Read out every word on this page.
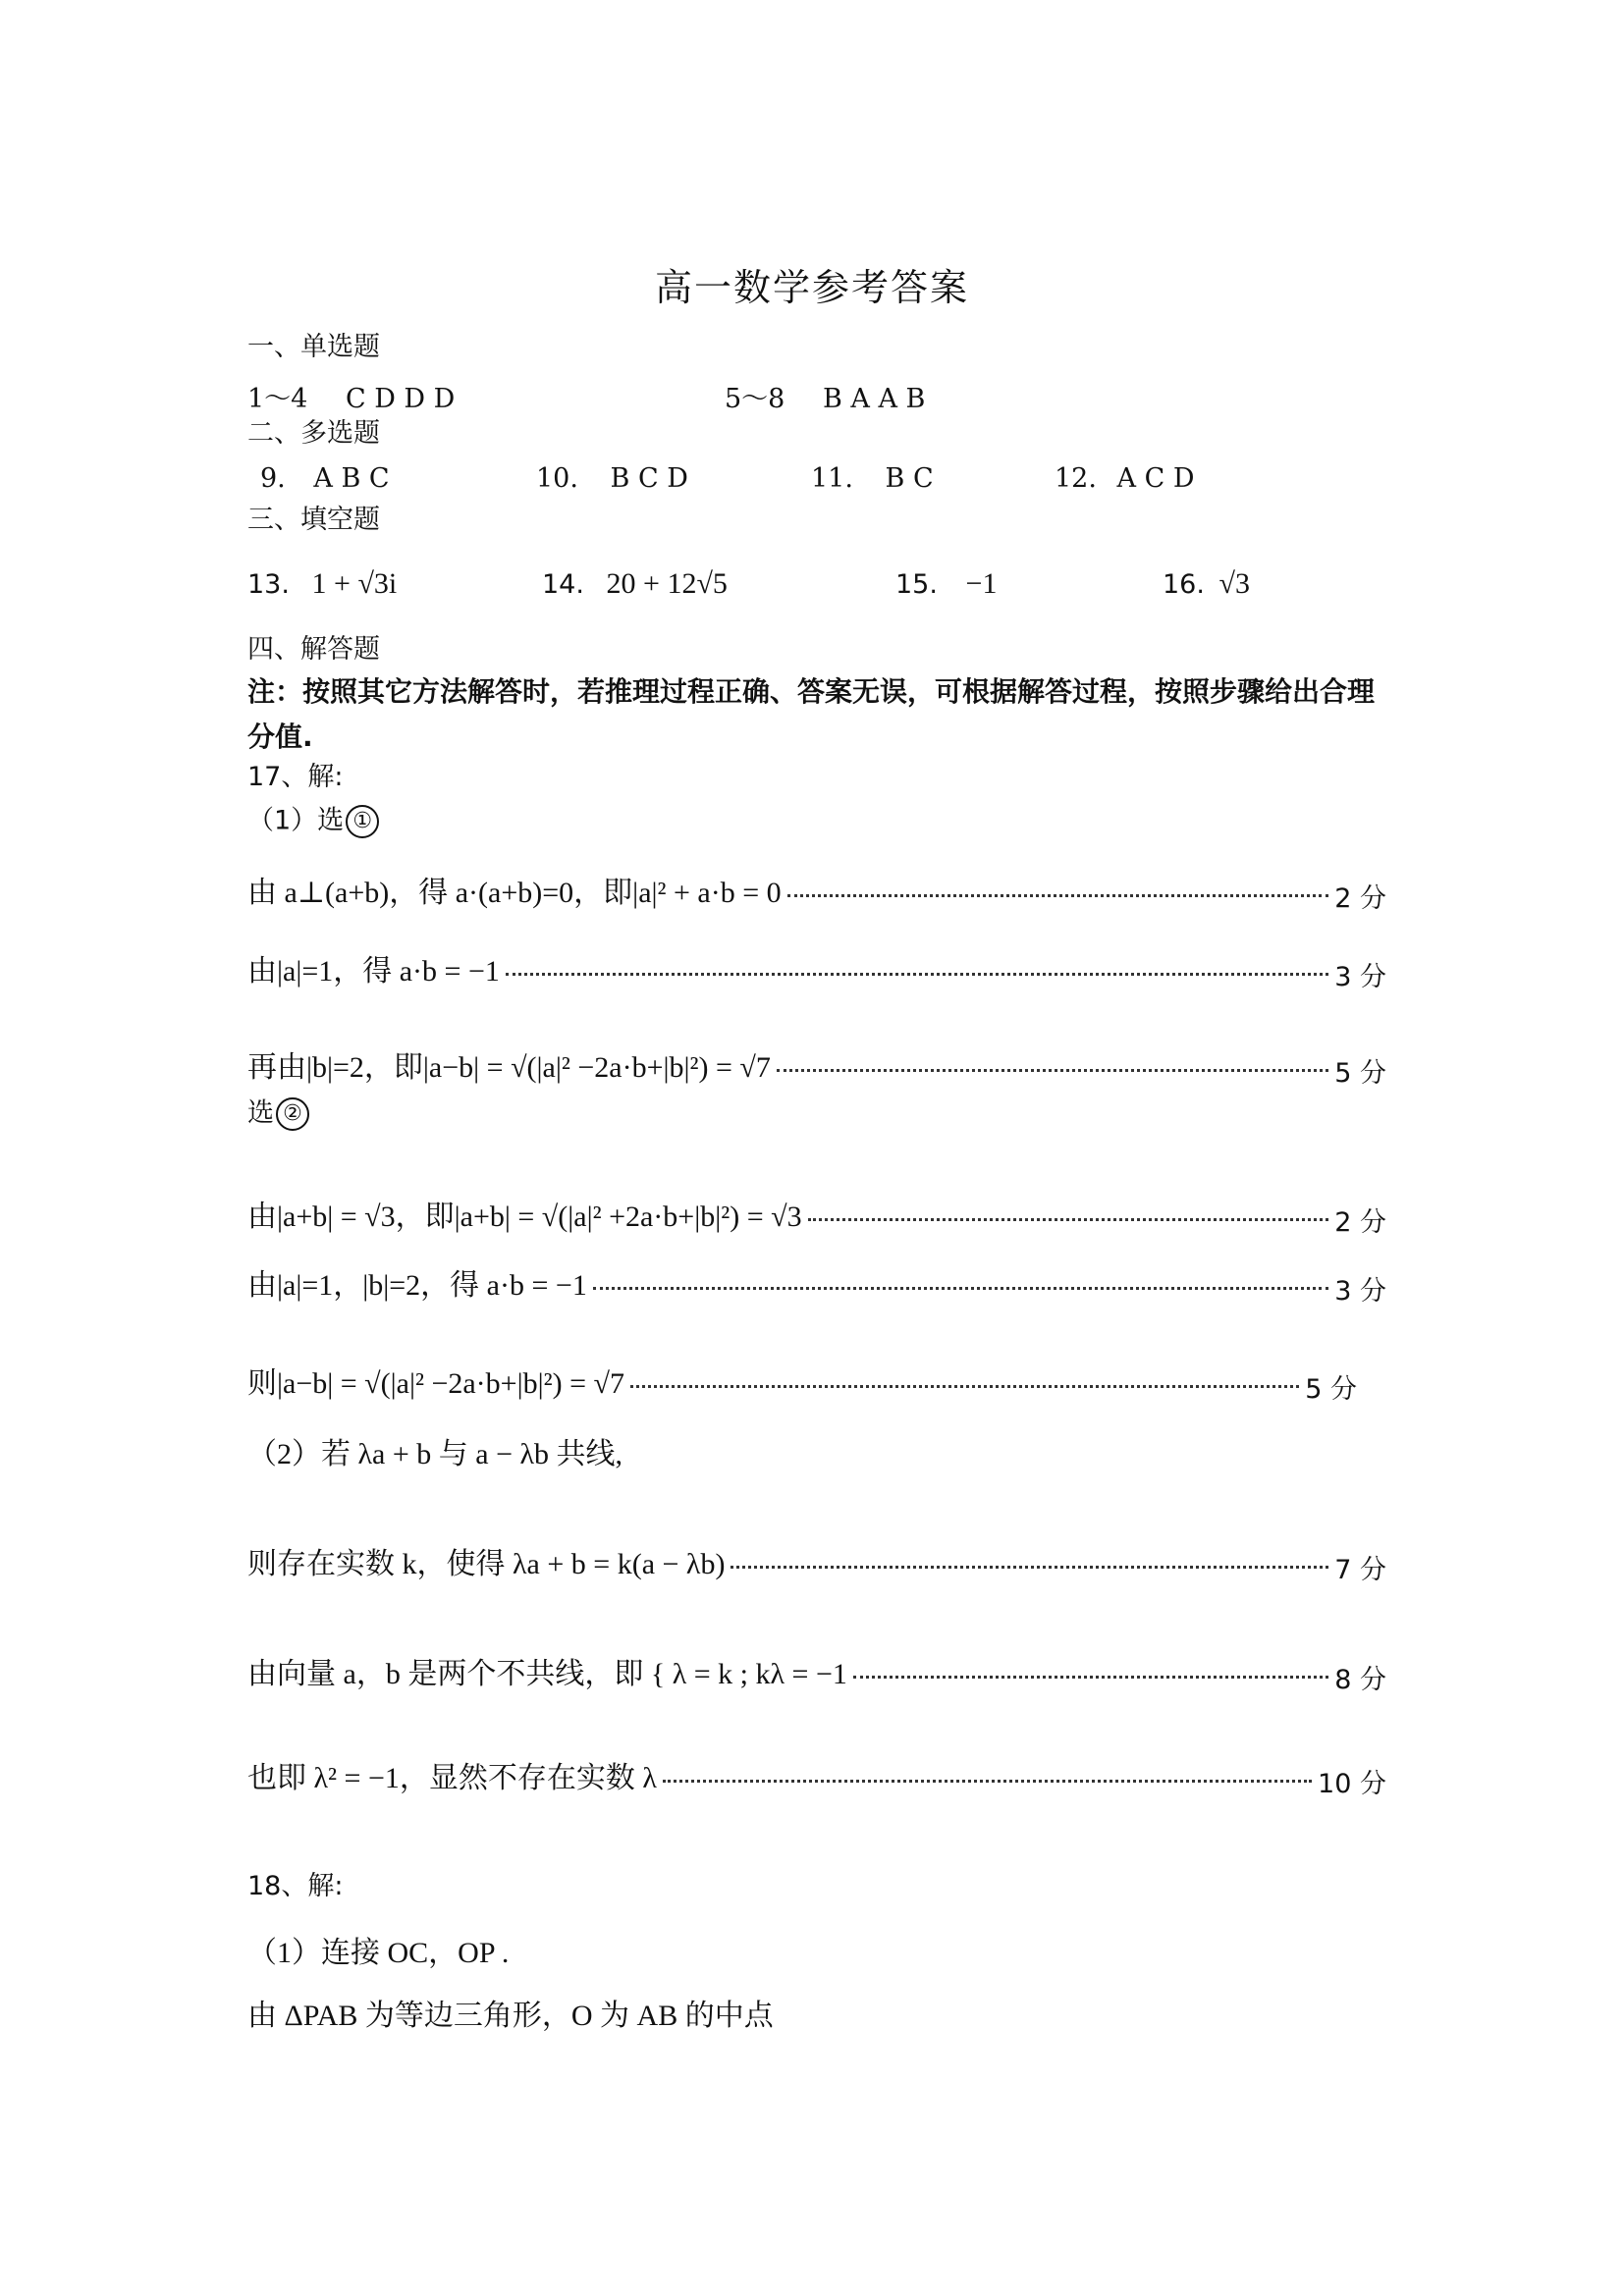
高一数学参考答案
一、单选题
1～4 C D D D	5～8 B A A B
二、多选题
9. A B C	10. B C D	11. B C	12. A C D
三、填空题
13. 1 + √3i	14. 20 + 12√5	15. −1	16. √3
四、解答题
注：按照其它方法解答时，若推理过程正确、答案无误，可根据解答过程，按照步骤给出合理分值.
17、解:
（1）选 ①
由 a⊥(a+b)，得 a·(a+b)=0，即|a|² + a·b = 0	2 分
由|a|=1，得 a·b = −1	3 分
再由|b|=2，即|a−b| = √(|a|² −2a·b+|b|²) = √7	5 分
选 ②
由|a+b| = √3，即|a+b| = √(|a|² +2a·b+|b|²) = √3	2 分
由|a|=1，|b|=2，得 a·b = −1	3 分
则|a−b| = √(|a|² −2a·b+|b|²) = √7	5 分
（2）若 λa + b 与 a − λb 共线,
则存在实数 k，使得 λa + b = k(a − λb)	7 分
由向量 a，b 是两个不共线，即 { λ = k ; kλ = −1	8 分
也即 λ² = −1，显然不存在实数 λ	10 分
18、解:
（1）连接 OC，OP .
由 ΔPAB 为等边三角形，O 为 AB 的中点
